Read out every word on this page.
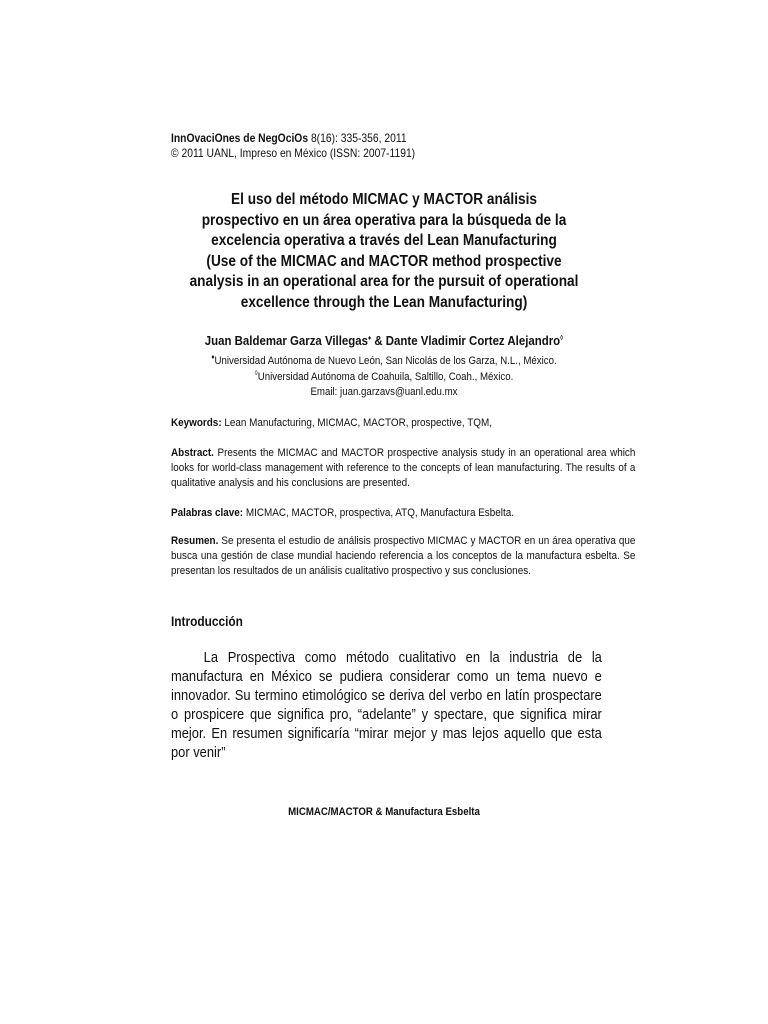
InnOvaciOnes de NegOciOs 8(16): 335-356, 2011
© 2011 UANL, Impreso en México (ISSN: 2007-1191)
El uso del método MICMAC y MACTOR análisis
prospectivo en un área operativa para la búsqueda de la
excelencia operativa a través del Lean Manufacturing
(Use of the MICMAC and MACTOR method prospective
analysis in an operational area for the pursuit of operational
excellence through the Lean Manufacturing)
Juan Baldemar Garza Villegas♦ & Dante Vladimir Cortez Alejandro◊
♦Universidad Autónoma de Nuevo León, San Nicolás de los Garza, N.L., México.
◊Universidad Autónoma de Coahuila, Saltillo, Coah., México.
Email: juan.garzavs@uanl.edu.mx
Keywords: Lean Manufacturing, MICMAC, MACTOR, prospective, TQM,
Abstract. Presents the MICMAC and MACTOR prospective analysis study in an operational area which looks for world-class management with reference to the concepts of lean manufacturing. The results of a qualitative analysis and his conclusions are presented.
Palabras clave: MICMAC, MACTOR, prospectiva, ATQ, Manufactura Esbelta.
Resumen. Se presenta el estudio de análisis prospectivo MICMAC y MACTOR en un área operativa que busca una gestión de clase mundial haciendo referencia a los conceptos de la manufactura esbelta. Se presentan los resultados de un análisis cualitativo prospectivo y sus conclusiones.
Introducción
La Prospectiva como método cualitativo en la industria de la manufactura en México se pudiera considerar como un tema nuevo e innovador. Su termino etimológico se deriva del verbo en latín prospectare o prospicere que significa pro, “adelante” y spectare, que significa mirar mejor. En resumen significaría “mirar mejor y mas lejos aquello que esta por venir”
MICMAC/MACTOR & Manufactura Esbelta
